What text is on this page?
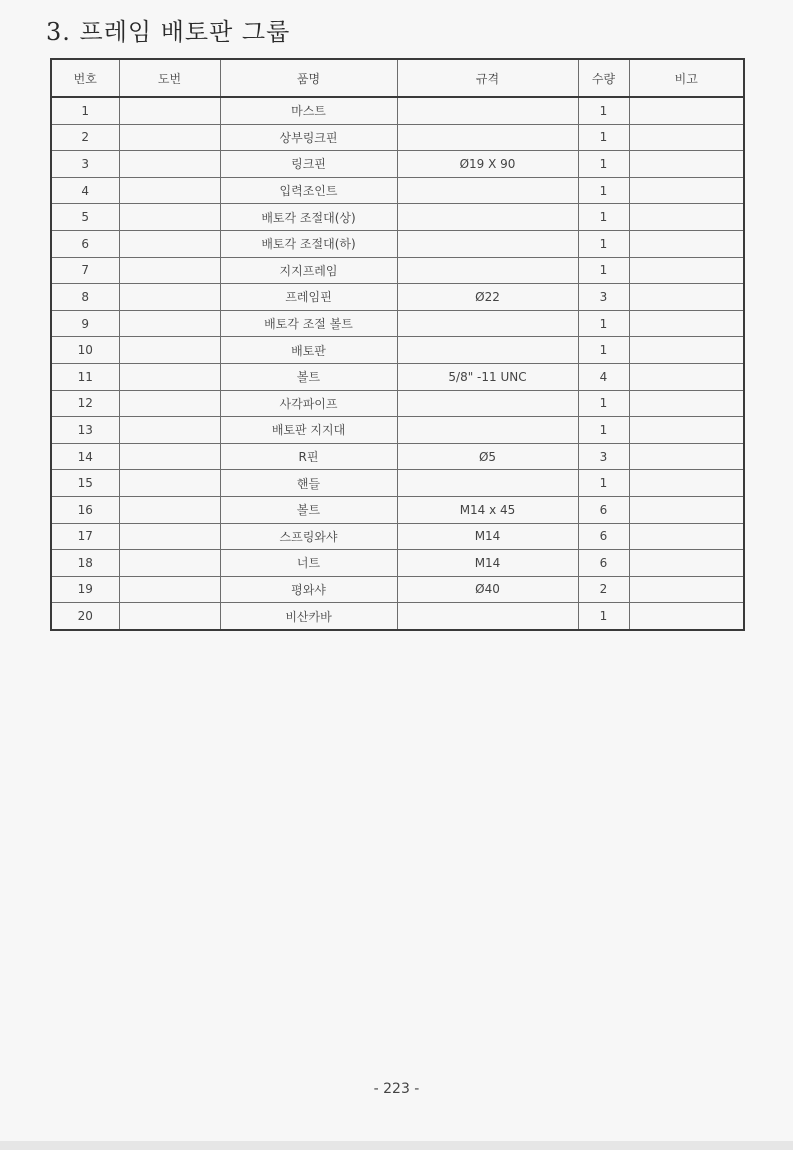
3. 프레임 배토판 그룹
번호	도번	품명	규격	수량	비고
1		마스트		1	
2		상부링크핀		1	
3		링크핀	Ø19 X 90	1	
4		입력조인트		1	
5		배토각 조절대(상)		1	
6		배토각 조절대(하)		1	
7		지지프레임		1	
8		프레임핀	Ø22	3	
9		배토각 조절 볼트		1	
10		배토판		1	
11		볼트	5/8" -11 UNC	4	
12		사각파이프		1	
13		배토판 지지대		1	
14		R핀	Ø5	3	
15		핸들		1	
16		볼트	M14 x 45	6	
17		스프링와샤	M14	6	
18		너트	M14	6	
19		평와샤	Ø40	2	
20		비산카바		1	
- 223 -
